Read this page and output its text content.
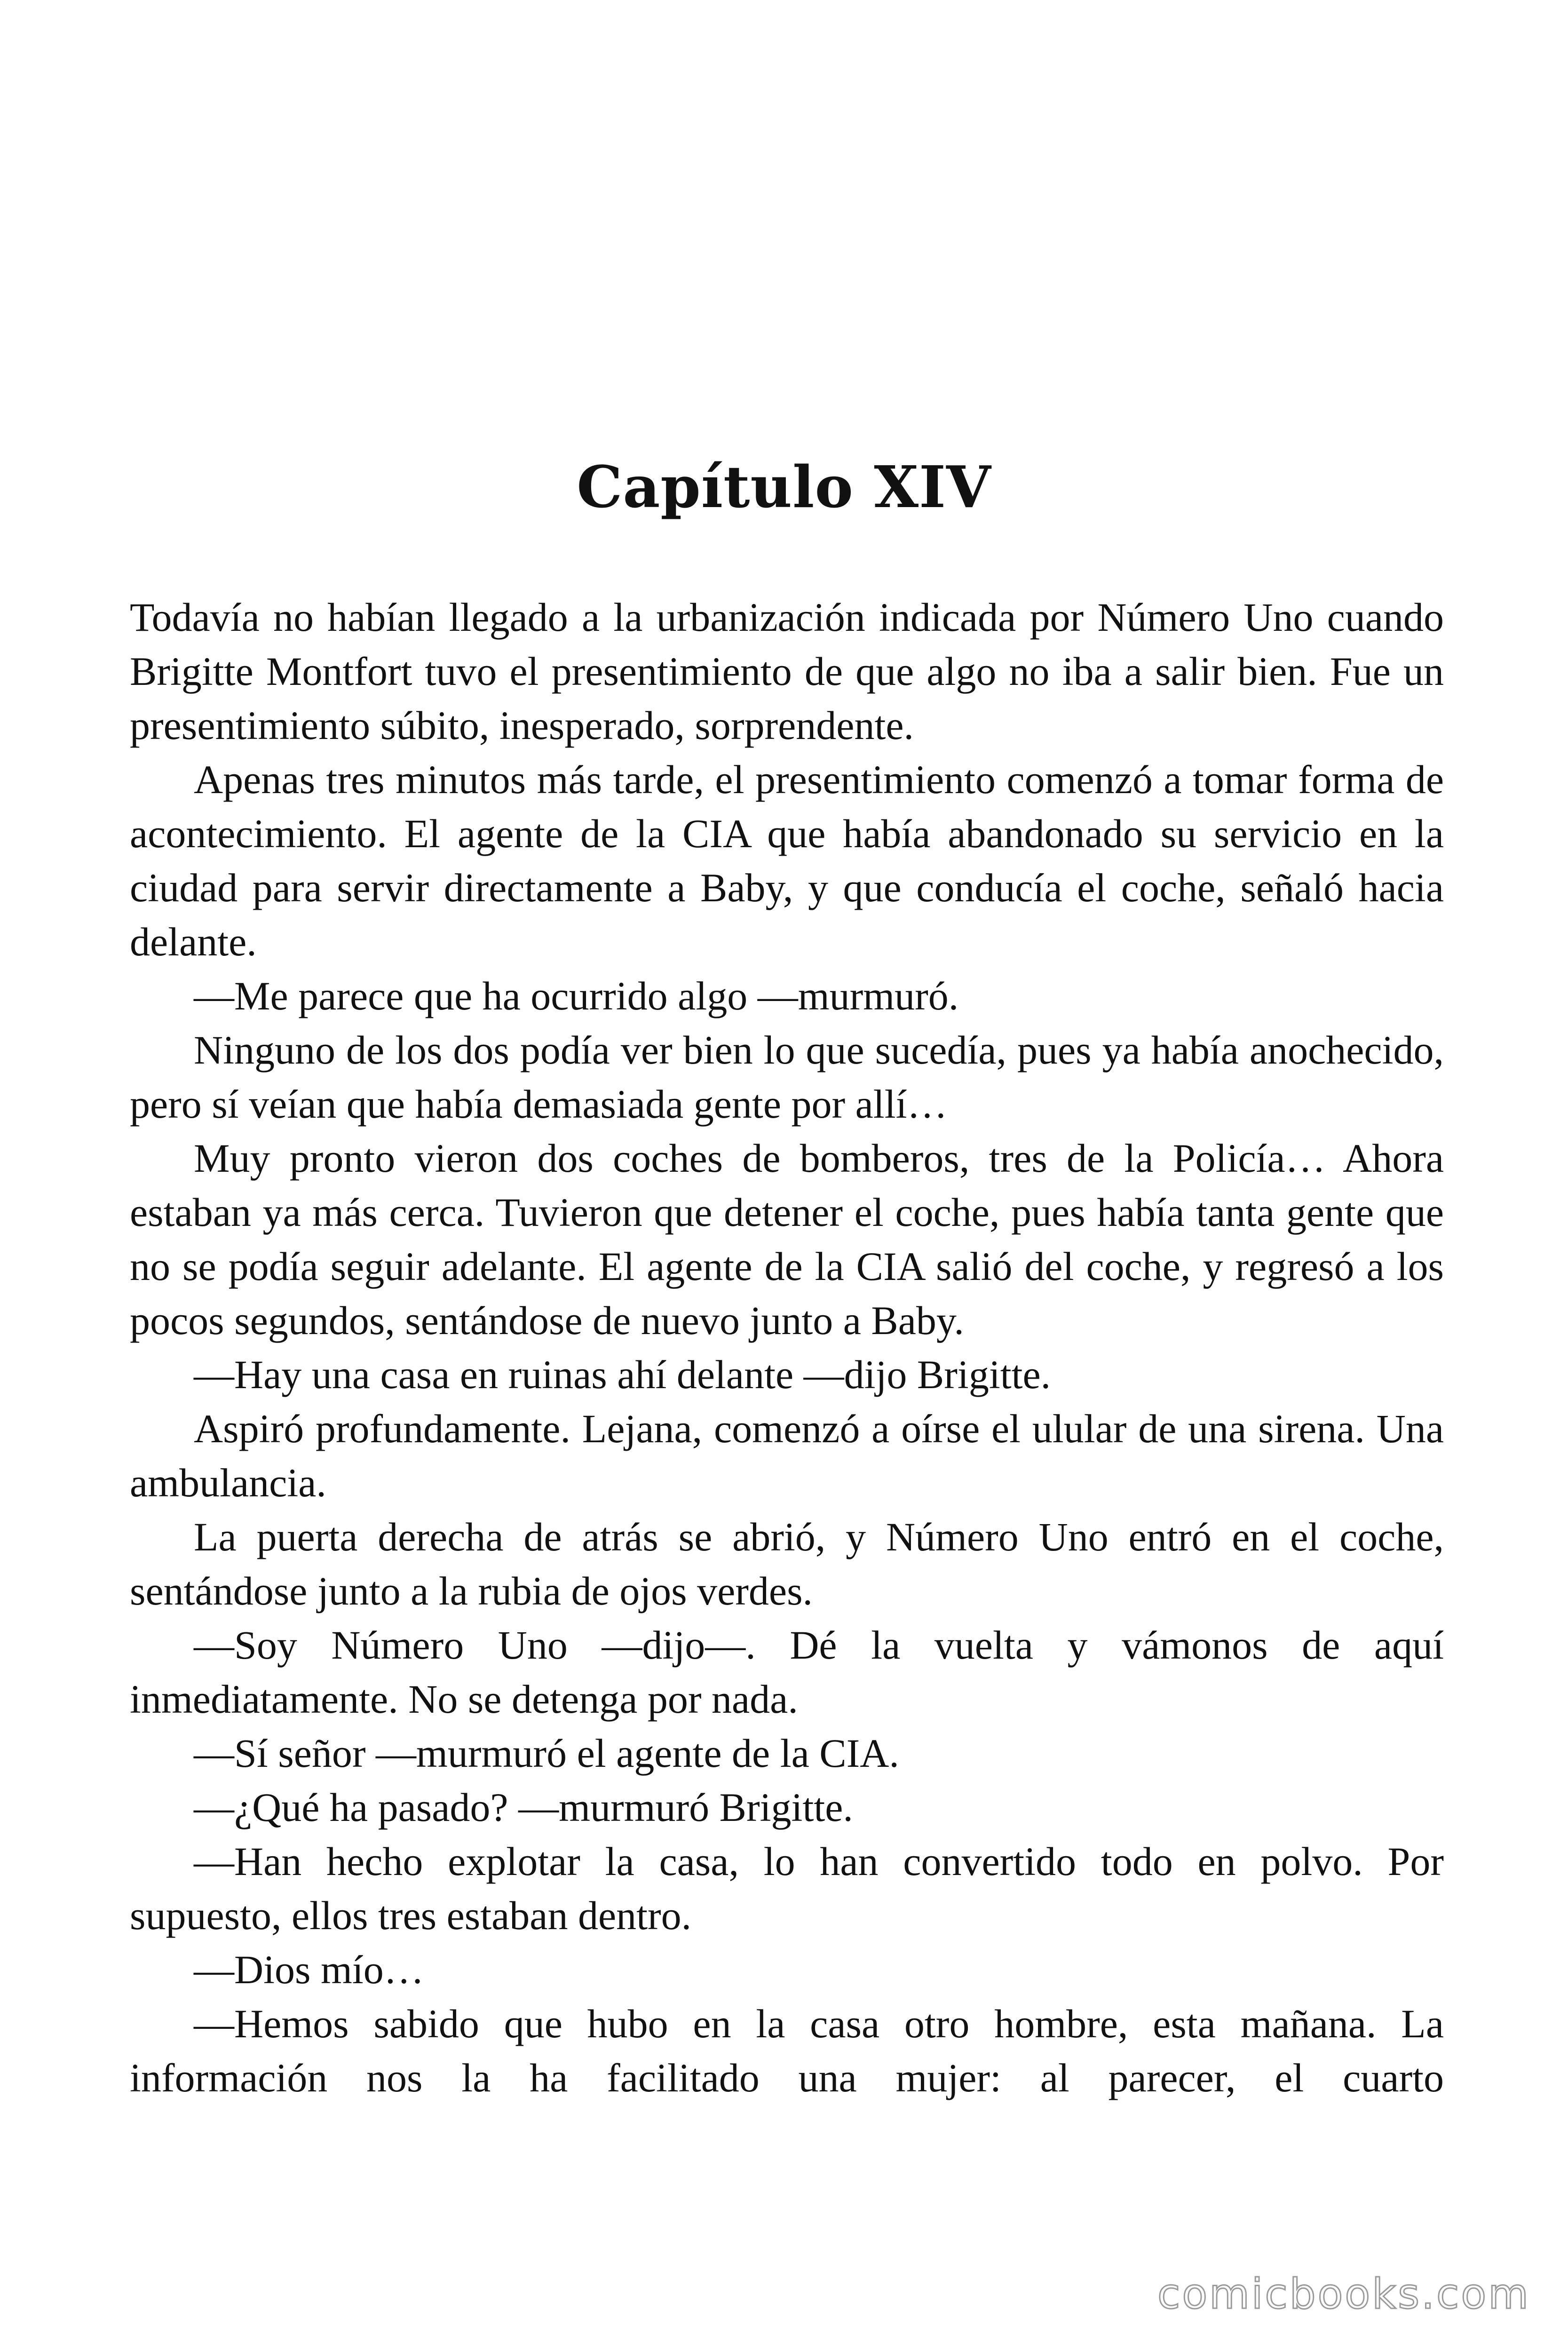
Capítulo XIV

Todavía no habían llegado a la urbanización indicada por Número Uno cuando Brigitte Montfort tuvo el presentimiento de que algo no iba a salir bien. Fue un presentimiento súbito, inesperado, sorprendente.

Apenas tres minutos más tarde, el presentimiento comenzó a tomar forma de acontecimiento. El agente de la CIA que había abandonado su servicio en la ciudad para servir directamente a Baby, y que conducía el coche, señaló hacia delante.

—Me parece que ha ocurrido algo —murmuró.

Ninguno de los dos podía ver bien lo que sucedía, pues ya había anochecido, pero sí veían que había demasiada gente por allí…

Muy pronto vieron dos coches de bomberos, tres de la Policía… Ahora estaban ya más cerca. Tuvieron que detener el coche, pues había tanta gente que no se podía seguir adelante. El agente de la CIA salió del coche, y regresó a los pocos segundos, sentándose de nuevo junto a Baby.

—Hay una casa en ruinas ahí delante —dijo Brigitte.

Aspiró profundamente. Lejana, comenzó a oírse el ulular de una sirena. Una ambulancia.

La puerta derecha de atrás se abrió, y Número Uno entró en el coche, sentándose junto a la rubia de ojos verdes.

—Soy Número Uno —dijo—. Dé la vuelta y vámonos de aquí inmediatamente. No se detenga por nada.

—Sí señor —murmuró el agente de la CIA.

—¿Qué ha pasado? —murmuró Brigitte.

—Han hecho explotar la casa, lo han convertido todo en polvo. Por supuesto, ellos tres estaban dentro.

—Dios mío…

—Hemos sabido que hubo en la casa otro hombre, esta mañana. La información nos la ha facilitado una mujer: al parecer, el cuarto

comicbooks.com
